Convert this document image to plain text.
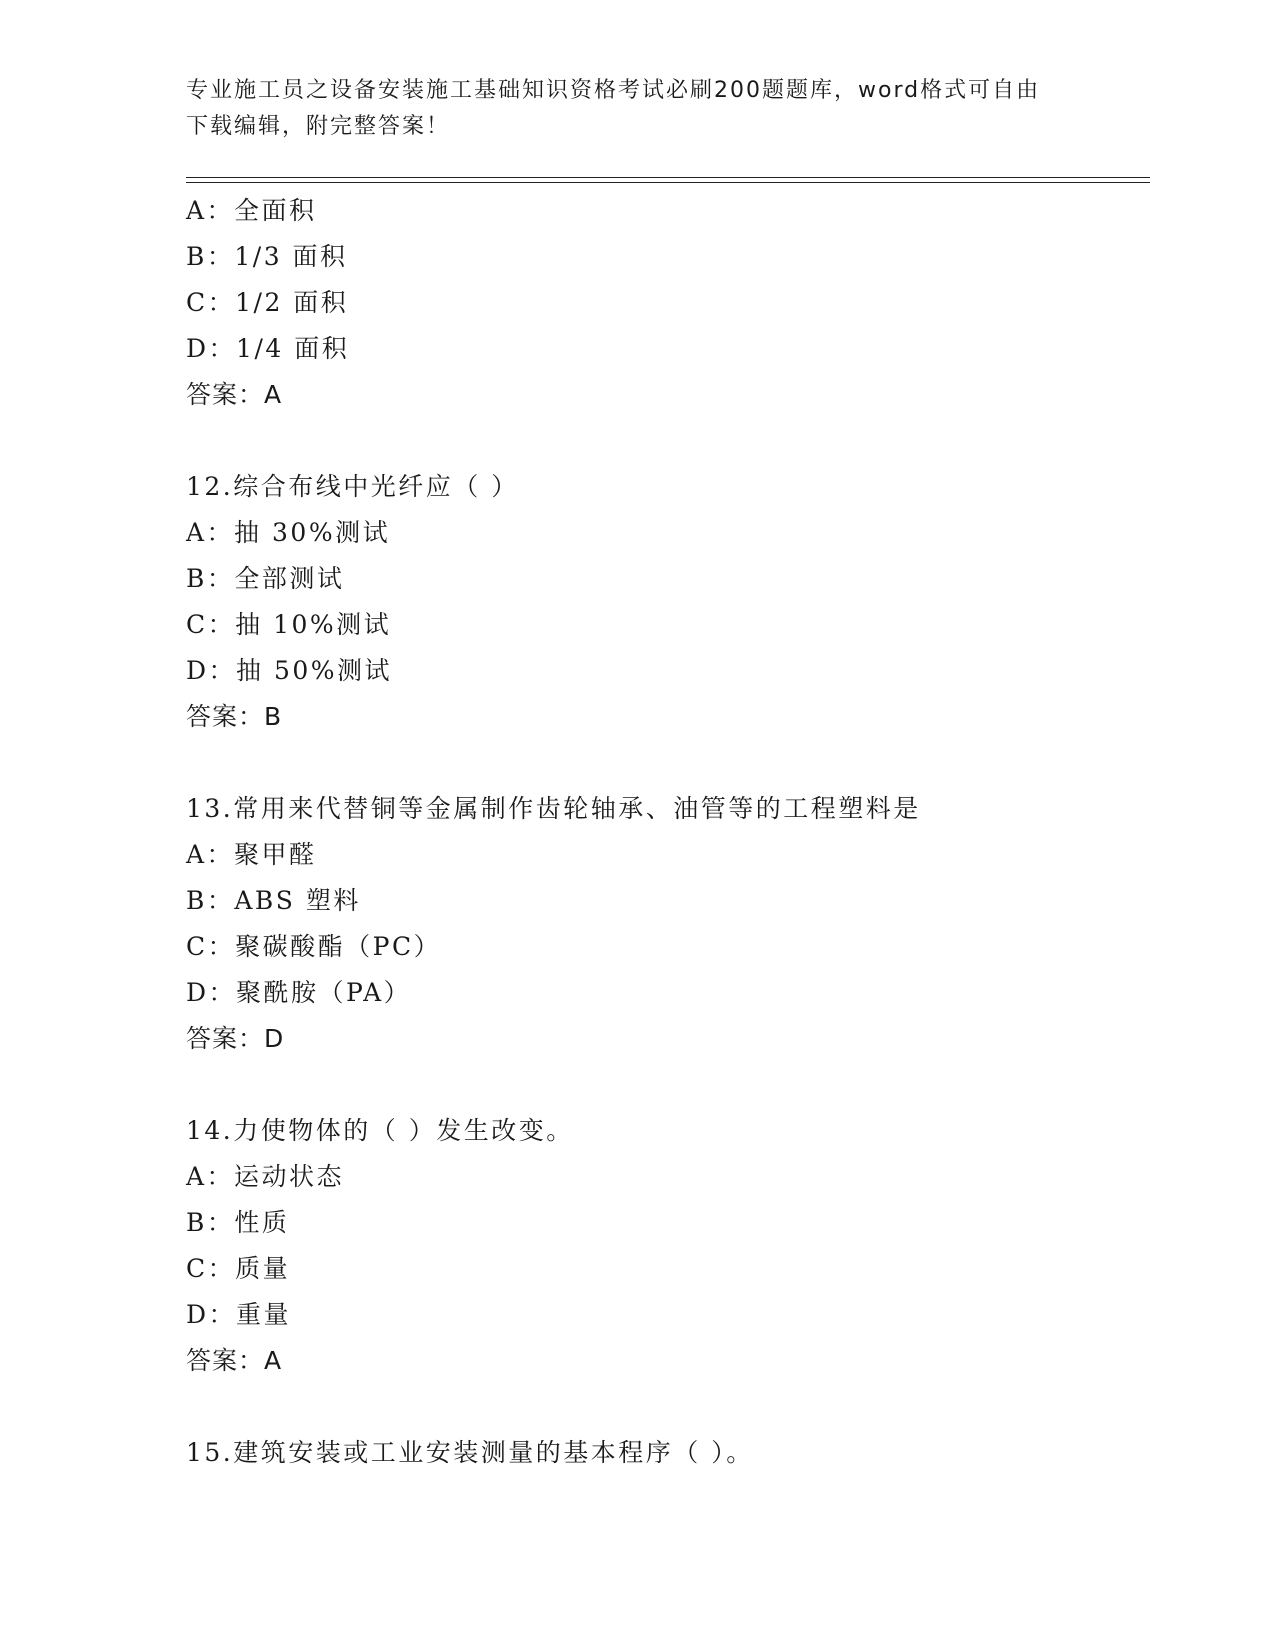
专业施工员之设备安装施工基础知识资格考试必刷200题题库，word格式可自由
下载编辑，附完整答案！
A：全面积
B：1/3 面积
C：1/2 面积
D：1/4 面积
答案：A
12.综合布线中光纤应（ ）
A：抽 30%测试
B：全部测试
C：抽 10%测试
D：抽 50%测试
答案：B
13.常用来代替铜等金属制作齿轮轴承、油管等的工程塑料是
A：聚甲醛
B：ABS 塑料
C：聚碳酸酯（PC）
D：聚酰胺（PA）
答案：D
14.力使物体的（ ）发生改变。
A：运动状态
B：性质
C：质量
D：重量
答案：A
15.建筑安装或工业安装测量的基本程序（ ）。
